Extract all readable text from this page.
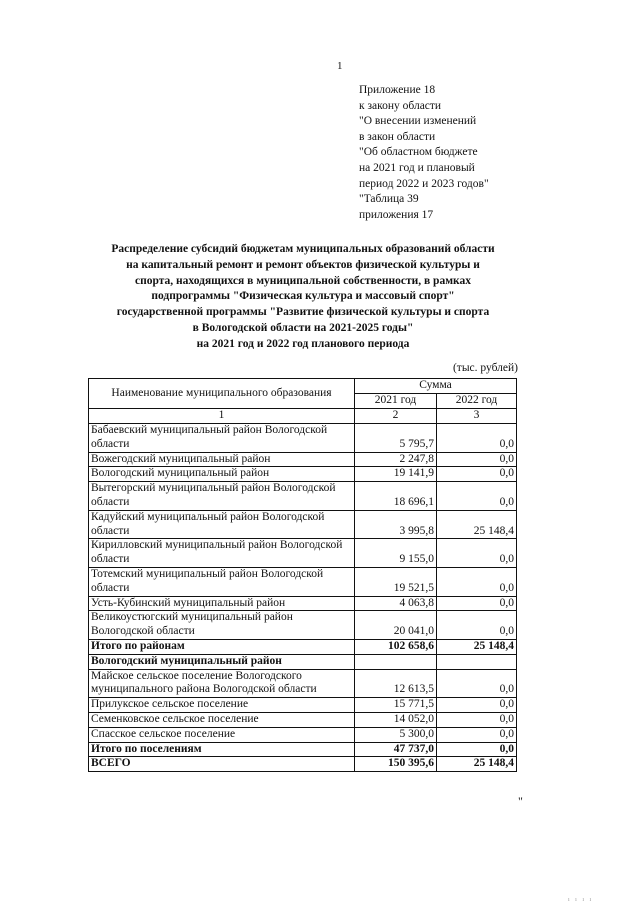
1
Приложение 18
к закону области
"О внесении изменений
в закон области
"Об областном бюджете
на 2021 год и плановый
период 2022 и 2023 годов"
"Таблица 39
приложения 17
Распределение субсидий бюджетам муниципальных образований области
на капитальный ремонт и ремонт объектов физической культуры и
спорта, находящихся в муниципальной собственности, в рамках
подпрограммы "Физическая культура и массовый спорт"
государственной программы "Развитие физической культуры и спорта
в Вологодской области на 2021-2025 годы"
на 2021 год и 2022 год планового периода
(тыс. рублей)
Наименование муниципального образования	Сумма	
	2021 год	2022 год
1	2	3
Бабаевский муниципальный район Вологодской области	5 795,7	0,0
Вожегодский муниципальный район	2 247,8	0,0
Вологодский муниципальный район	19 141,9	0,0
Вытегорский муниципальный район Вологодской области	18 696,1	0,0
Кадуйский муниципальный район Вологодской области	3 995,8	25 148,4
Кирилловский муниципальный район Вологодской области	9 155,0	0,0
Тотемский муниципальный район Вологодской области	19 521,5	0,0
Усть-Кубинский муниципальный район	4 063,8	0,0
Великоустюгский муниципальный район Вологодской области	20 041,0	0,0
Итого по районам	102 658,6	25 148,4
Вологодский муниципальный район		
Майское сельское поселение Вологодского муниципального района Вологодской области	12 613,5	0,0
Прилукское сельское поселение	15 771,5	0,0
Семенковское сельское поселение	14 052,0	0,0
Спасское сельское поселение	5 300,0	0,0
Итого по поселениям	47 737,0	0,0
ВСЕГО	150 395,6	25 148,4
"
ı ı ı ı
